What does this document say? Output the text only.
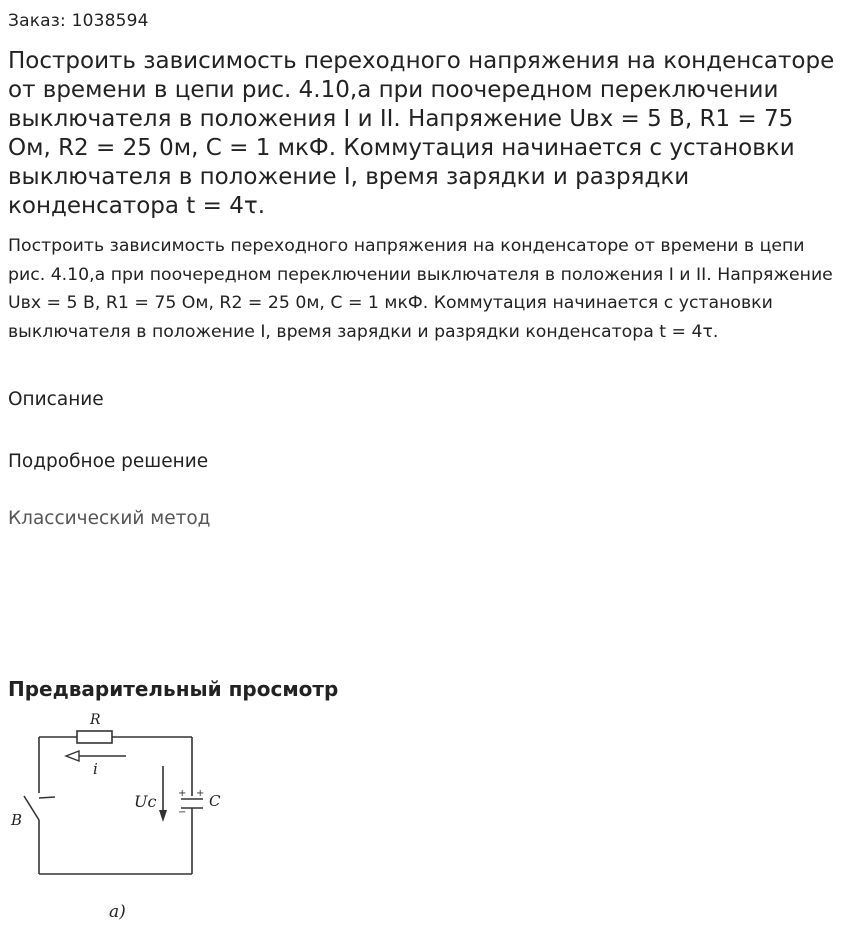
Заказ: 1038594
Построить зависимость переходного напряжения на конденсаторе от времени в цепи рис. 4.10,а при поочередном переключении выключателя в положения I и II. Напряжение Uвх = 5 В, R1 = 75 Ом, R2 = 25 0м, С = 1 мкФ. Коммутация начинается с установки выключателя в положение I, время зарядки и разрядки конденсатора t = 4τ.

Построить зависимость переходного напряжения на конденсаторе от времени в цепи рис. 4.10,а при поочередном переключении выключателя в положения I и II. Напряжение Uвх = 5 В, R1 = 75 Ом, R2 = 25 0м, С = 1 мкФ. Коммутация начинается с установки выключателя в положение I, время зарядки и разрядки конденсатора t = 4τ.

Описание
Подробное решение
Классический метод
Предварительный просмотр
+ +
−
R
i
Uc	C
B
а)
